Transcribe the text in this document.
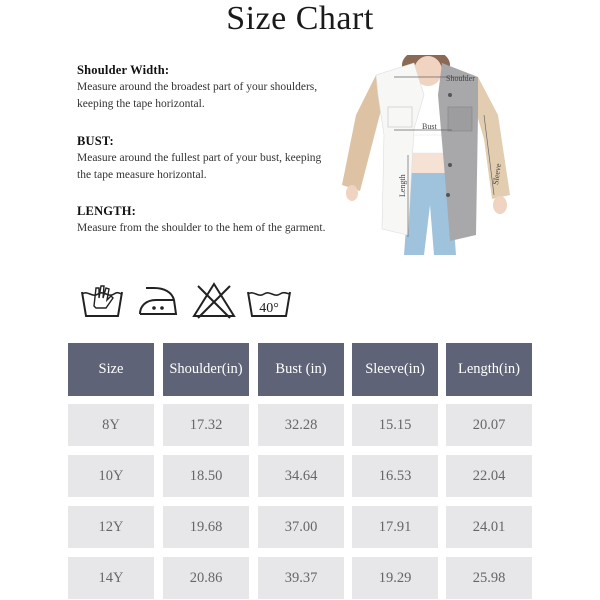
Size Chart
Shoulder Width:
Measure around the broadest part of your shoulders, keeping the tape horizontal.
BUST:
Measure around the fullest part of your bust, keeping the tape measure horizontal.
LENGTH:
Measure from the shoulder to the hem of the garment.
Shoulder
Bust
Length
Sleeve
40°
Size	Shoulder(in)	Bust (in)	Sleeve(in)	Length(in)
8Y	17.32	32.28	15.15	20.07
10Y	18.50	34.64	16.53	22.04
12Y	19.68	37.00	17.91	24.01
14Y	20.86	39.37	19.29	25.98
